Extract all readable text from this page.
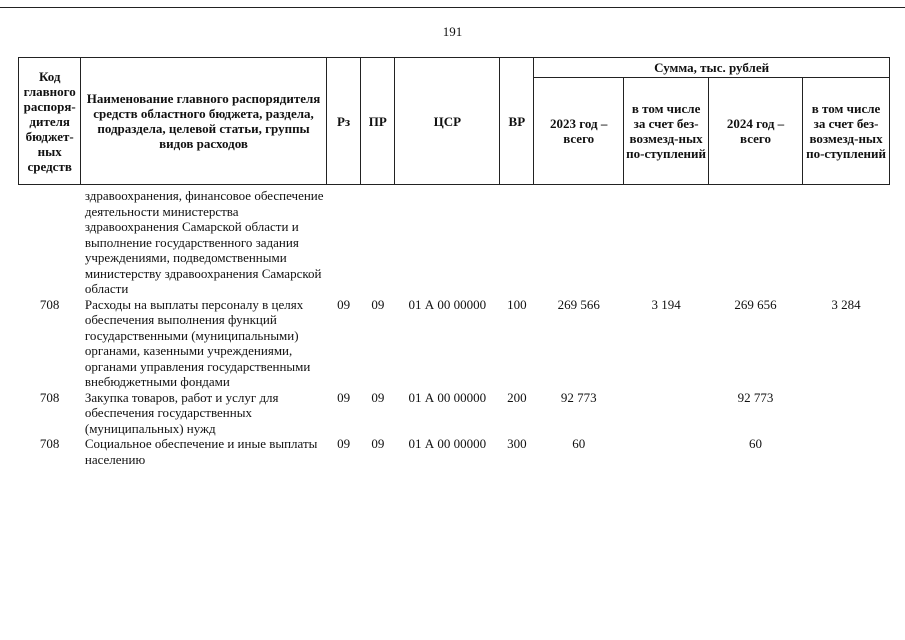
191
Код главного распоря-дителя бюджет-ных средств	Наименование главного распорядителя средств областного бюджета, раздела, подраздела, целевой статьи, группы видов расходов	Рз	ПР	ЦСР	ВР	Сумма, тыс. рублей			
						2023 год – всего	в том числе за счет без-возмезд-ных по-ступлений	2024 год – всего	в том числе за счет без-возмезд-ных по-ступлений
	здравоохранения, финансовое обеспечение деятельности министерства здравоохранения Самарской области и выполнение государственного задания учреждениями, подведомственными министерству здравоохранения Самарской области								
708	Расходы на выплаты персоналу в целях обеспечения выполнения функций государственными (муниципальными) органами, казенными учреждениями, органами управления государственными внебюджетными фондами	09	09	01 А 00 00000	100	269 566	3 194	269 656	3 284
708	Закупка товаров, работ и услуг для обеспечения государственных (муниципальных) нужд	09	09	01 А 00 00000	200	92 773		92 773	
708	Социальное обеспечение и иные выплаты населению	09	09	01 А 00 00000	300	60		60	
